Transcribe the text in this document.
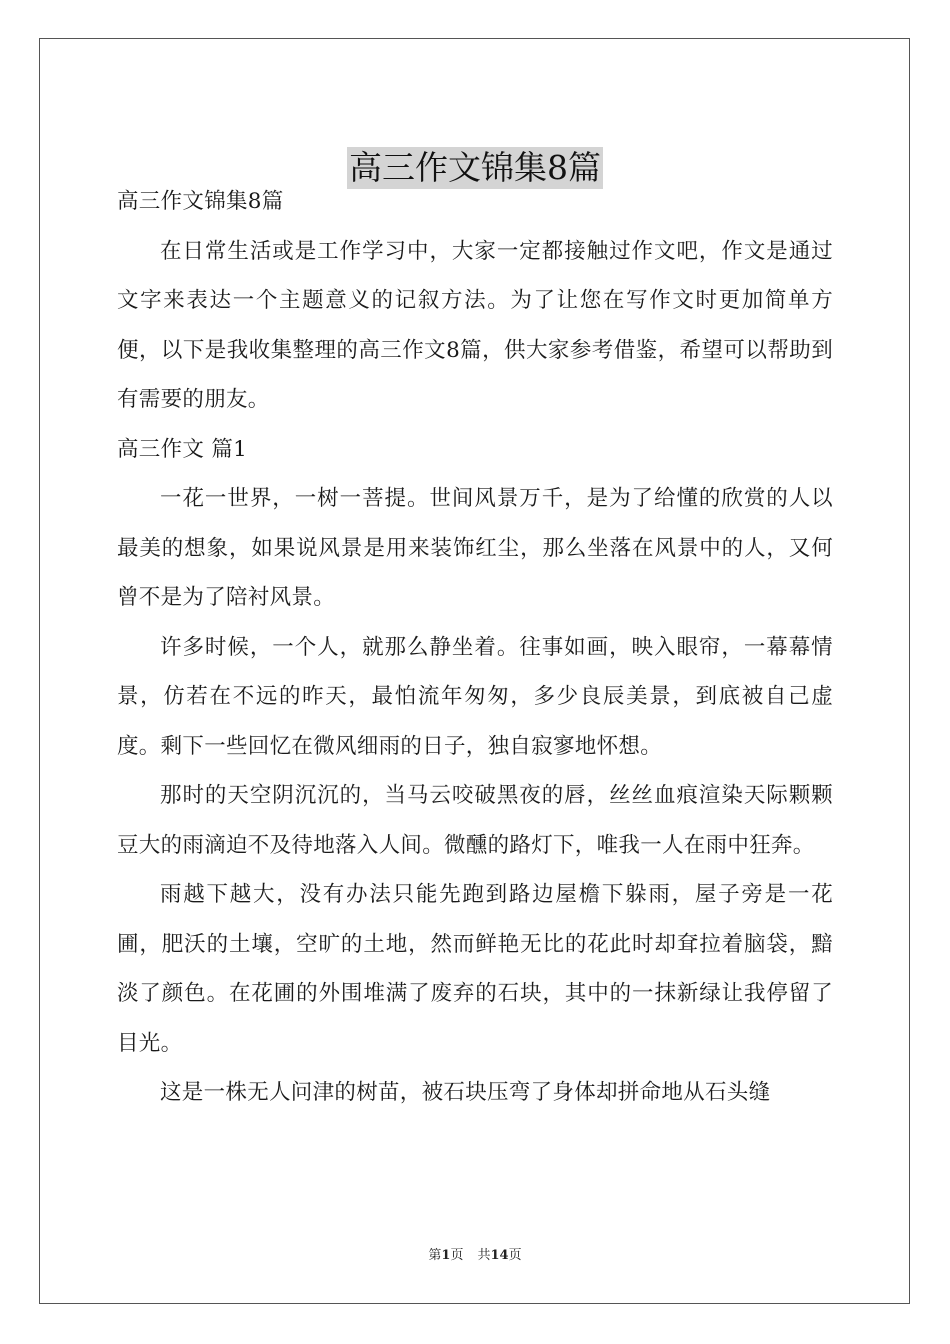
高三作文锦集8篇

高三作文锦集8篇

在日常生活或是工作学习中，大家一定都接触过作文吧，作文是通过文字来表达一个主题意义的记叙方法。为了让您在写作文时更加简单方便，以下是我收集整理的高三作文8篇，供大家参考借鉴，希望可以帮助到有需要的朋友。

高三作文 篇1

一花一世界，一树一菩提。世间风景万千，是为了给懂的欣赏的人以最美的想象，如果说风景是用来装饰红尘，那么坐落在风景中的人，又何曾不是为了陪衬风景。

许多时候，一个人，就那么静坐着。往事如画，映入眼帘，一幕幕情景，仿若在不远的昨天，最怕流年匆匆，多少良辰美景，到底被自己虚度。剩下一些回忆在微风细雨的日子，独自寂寥地怀想。

那时的天空阴沉沉的，当马云咬破黑夜的唇，丝丝血痕渲染天际颗颗豆大的雨滴迫不及待地落入人间。微醺的路灯下，唯我一人在雨中狂奔。

雨越下越大，没有办法只能先跑到路边屋檐下躲雨，屋子旁是一花圃，肥沃的土壤，空旷的土地，然而鲜艳无比的花此时却耷拉着脑袋，黯淡了颜色。在花圃的外围堆满了废弃的石块，其中的一抹新绿让我停留了目光。

这是一株无人问津的树苗，被石块压弯了身体却拼命地从石头缝

第1页 共14页
